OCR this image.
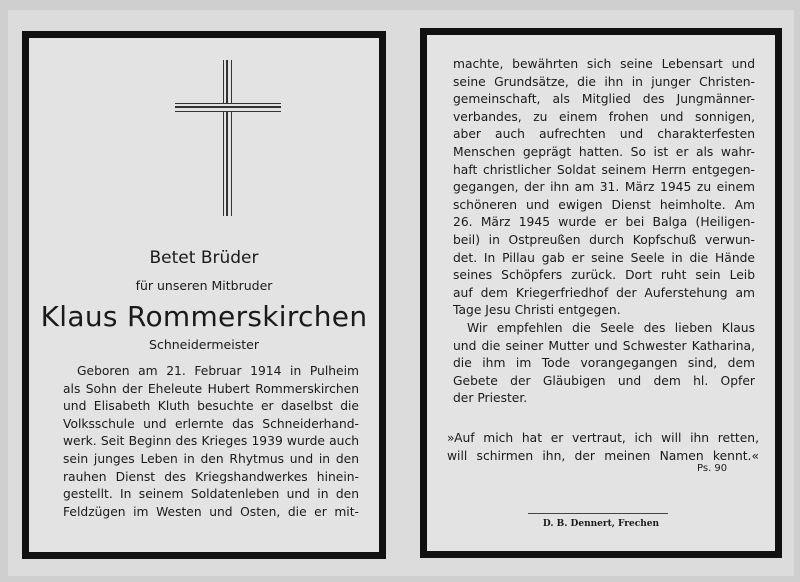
Betet Brüder
für unseren Mitbruder
Klaus Rommerskirchen
Schneidermeister
Geboren am 21. Februar 1914 in Pulheim
als Sohn der Eheleute Hubert Rommerskirchen
und Elisabeth Kluth besuchte er daselbst die
Volksschule und erlernte das Schneiderhand-
werk. Seit Beginn des Krieges 1939 wurde auch
sein junges Leben in den Rhytmus und in den
rauhen Dienst des Kriegshandwerkes hinein-
gestellt. In seinem Soldatenleben und in den
Feldzügen im Westen und Osten, die er mit-
machte, bewährten sich seine Lebensart und
seine Grundsätze, die ihn in junger Christen-
gemeinschaft, als Mitglied des Jungmänner-
verbandes, zu einem frohen und sonnigen,
aber auch aufrechten und charakterfesten
Menschen geprägt hatten. So ist er als wahr-
haft christlicher Soldat seinem Herrn entgegen-
gegangen, der ihn am 31. März 1945 zu einem
schöneren und ewigen Dienst heimholte. Am
26. März 1945 wurde er bei Balga (Heiligen-
beil) in Ostpreußen durch Kopfschuß verwun-
det. In Pillau gab er seine Seele in die Hände
seines Schöpfers zurück. Dort ruht sein Leib
auf dem Kriegerfriedhof der Auferstehung am
Tage Jesu Christi entgegen.
Wir empfehlen die Seele des lieben Klaus
und die seiner Mutter und Schwester Katharina,
die ihm im Tode vorangegangen sind, dem
Gebete der Gläubigen und dem hl. Opfer
der Priester.
»Auf mich hat er vertraut, ich will ihn retten,
will schirmen ihn, der meinen Namen kennt.«
Ps. 90
D. B. Dennert, Frechen
